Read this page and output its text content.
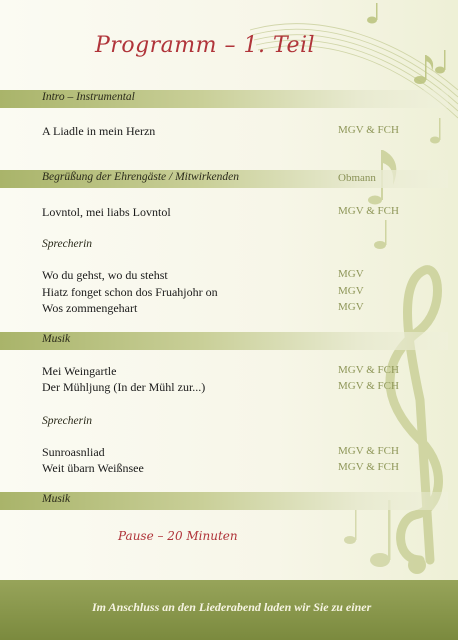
Programm – 1. Teil
Intro – Instrumental
A Liadle in mein Herzn	MGV & FCH
Begrüßung der Ehrengäste / Mitwirkenden	Obmann
Lovntol, mei liabs Lovntol	MGV & FCH
Sprecherin
Wo du gehst, wo du stehst	MGV
Hiatz fonget schon dos Fruahjohr on	MGV
Wos zommengehart	MGV
Musik
Mei Weingartle	MGV & FCH
Der Mühljung (In der Mühl zur...)	MGV & FCH
Sprecherin
Sunroasnliad	MGV & FCH
Weit übarn Weißnsee	MGV & FCH
Musik
Pause – 20 Minuten
Im Anschluss an den Liederabend laden wir Sie zu einer
